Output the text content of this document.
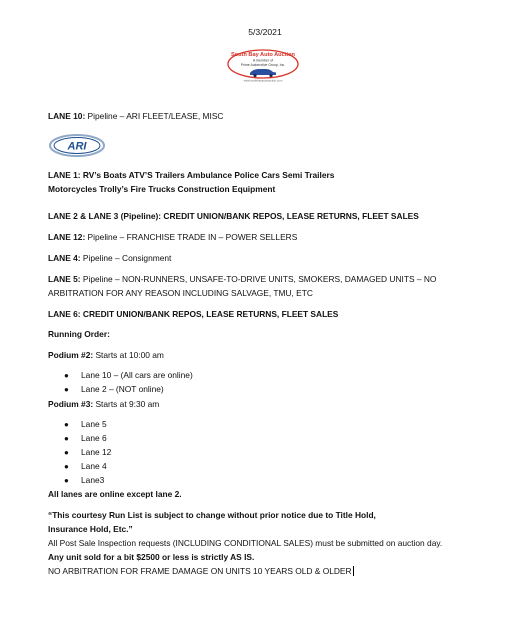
5/3/2021
South Bay Auto Auction
A member of
Prime Automotive Group, Inc.
www.southbayautoauction.com
LANE 10: Pipeline – ARI FLEET/LEASE, MISC
ARI
LANE 1: RV’s Boats ATV’S Trailers Ambulance Police Cars Semi Trailers
Motorcycles Trolly’s Fire Trucks Construction Equipment
LANE 2 & LANE 3 (Pipeline): CREDIT UNION/BANK REPOS, LEASE RETURNS, FLEET SALES
LANE 12: Pipeline – FRANCHISE TRADE IN – POWER SELLERS
LANE 4: Pipeline – Consignment
LANE 5: Pipeline – NON-RUNNERS, UNSAFE-TO-DRIVE UNITS, SMOKERS, DAMAGED UNITS – NO
ARBITRATION FOR ANY REASON INCLUDING SALVAGE, TMU, ETC
LANE 6: CREDIT UNION/BANK REPOS, LEASE RETURNS, FLEET SALES
Running Order:
Podium #2: Starts at 10:00 am
● Lane 10 – (All cars are online)
● Lane 2 – (NOT online)
Podium #3: Starts at 9:30 am
● Lane 5
● Lane 6
● Lane 12
● Lane 4
● Lane3
All lanes are online except lane 2.
“This courtesy Run List is subject to change without prior notice due to Title Hold,
Insurance Hold, Etc.”
All Post Sale Inspection requests (INCLUDING CONDITIONAL SALES) must be submitted on auction day.
Any unit sold for a bit $2500 or less is strictly AS IS.
NO ARBITRATION FOR FRAME DAMAGE ON UNITS 10 YEARS OLD & OLDER
